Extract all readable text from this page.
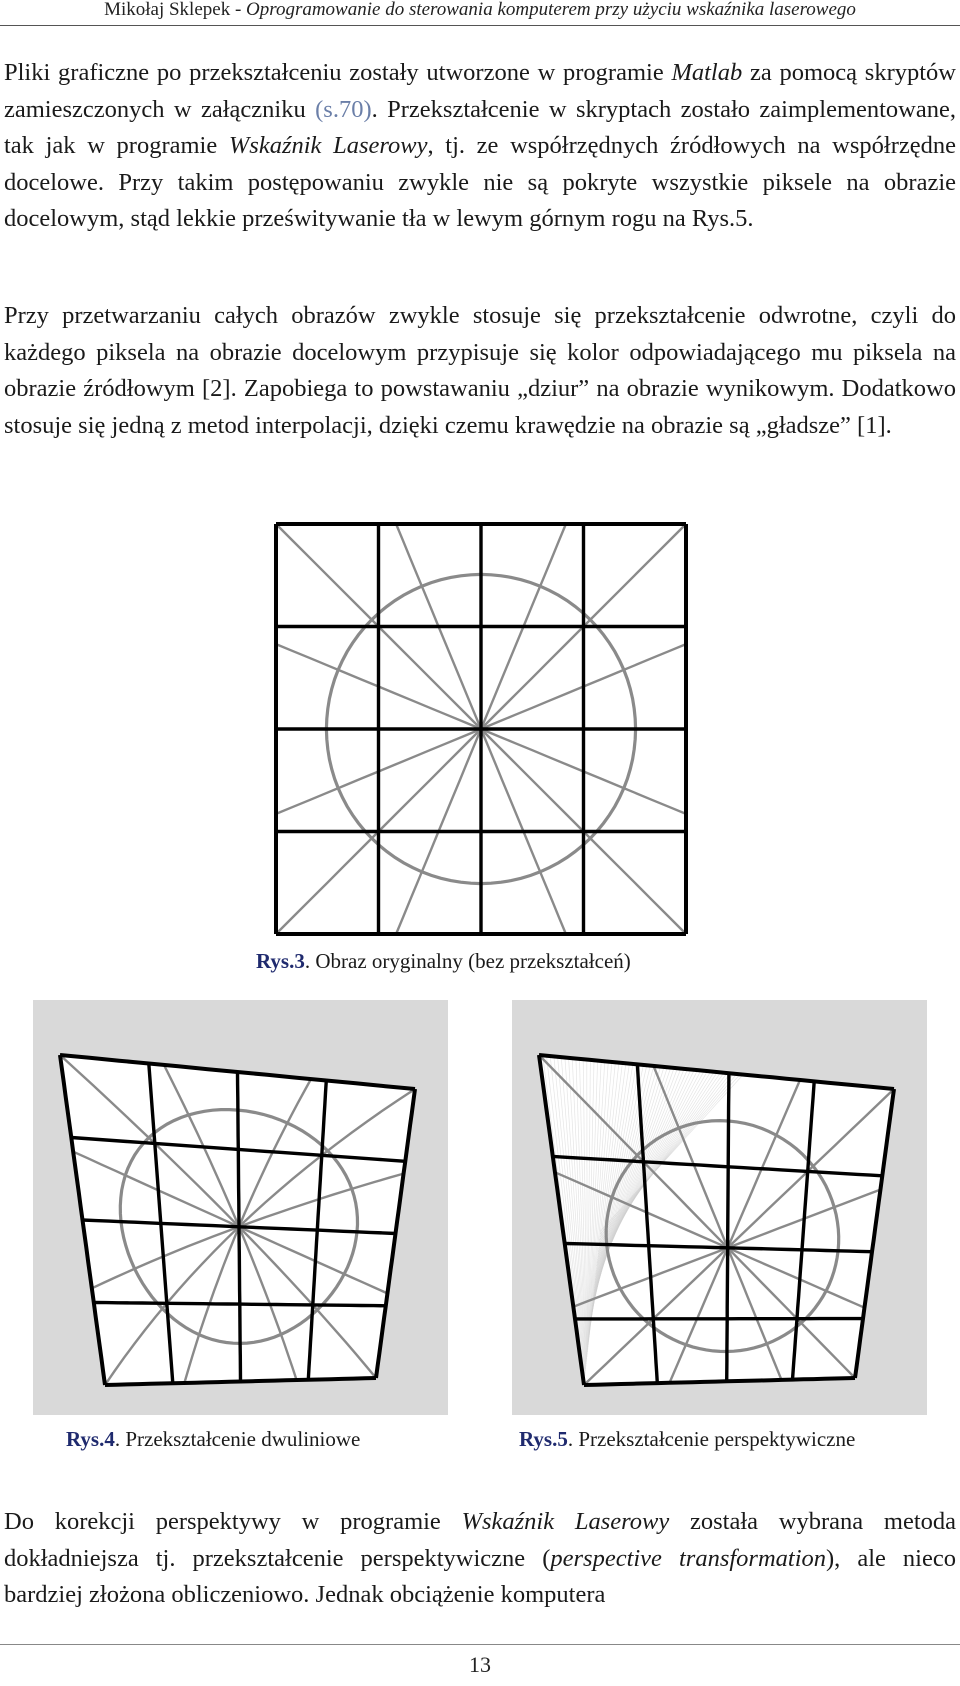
Mikołaj Sklepek - Oprogramowanie do sterowania komputerem przy użyciu wskaźnika laserowego

Pliki graficzne po przekształceniu zostały utworzone w programie Matlab za pomocą skryptów zamieszczonych w załączniku (s.70). Przekształcenie w skryptach zostało zaimplementowane, tak jak w programie Wskaźnik Laserowy, tj. ze współrzędnych źródłowych na współrzędne docelowe. Przy takim postępowaniu zwykle nie są pokryte wszystkie piksele na obrazie docelowym, stąd lekkie prześwitywanie tła w lewym górnym rogu na Rys.5.

Przy przetwarzaniu całych obrazów zwykle stosuje się przekształcenie odwrotne, czyli do każdego piksela na obrazie docelowym przypisuje się kolor odpowiadającego mu piksela na obrazie źródłowym [2]. Zapobiega to powstawaniu „dziur” na obrazie wynikowym. Dodatkowo stosuje się jedną z metod interpolacji, dzięki czemu krawędzie na obrazie są „gładsze” [1].

Rys.3. Obraz oryginalny (bez przekształceń)
Rys.4. Przekształcenie dwuliniowe	Rys.5. Przekształcenie perspektywiczne

Do korekcji perspektywy w programie Wskaźnik Laserowy została wybrana metoda dokładniejsza tj. przekształcenie perspektywiczne (perspective transformation), ale nieco bardziej złożona obliczeniowo. Jednak obciążenie komputera

13
